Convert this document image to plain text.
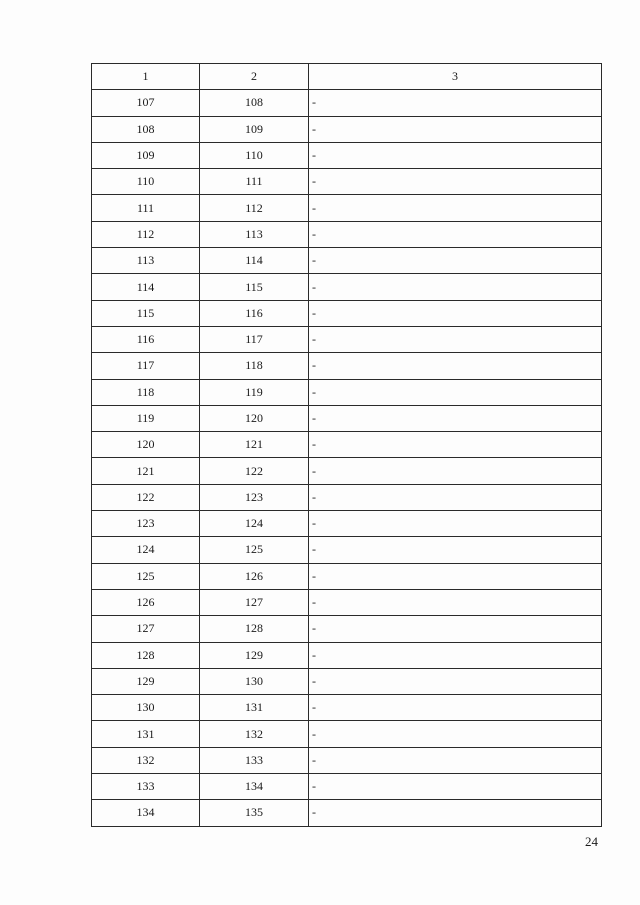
1	2	3
107	108	-
108	109	-
109	110	-
110	111	-
111	112	-
112	113	-
113	114	-
114	115	-
115	116	-
116	117	-
117	118	-
118	119	-
119	120	-
120	121	-
121	122	-
122	123	-
123	124	-
124	125	-
125	126	-
126	127	-
127	128	-
128	129	-
129	130	-
130	131	-
131	132	-
132	133	-
133	134	-
134	135	-
24
